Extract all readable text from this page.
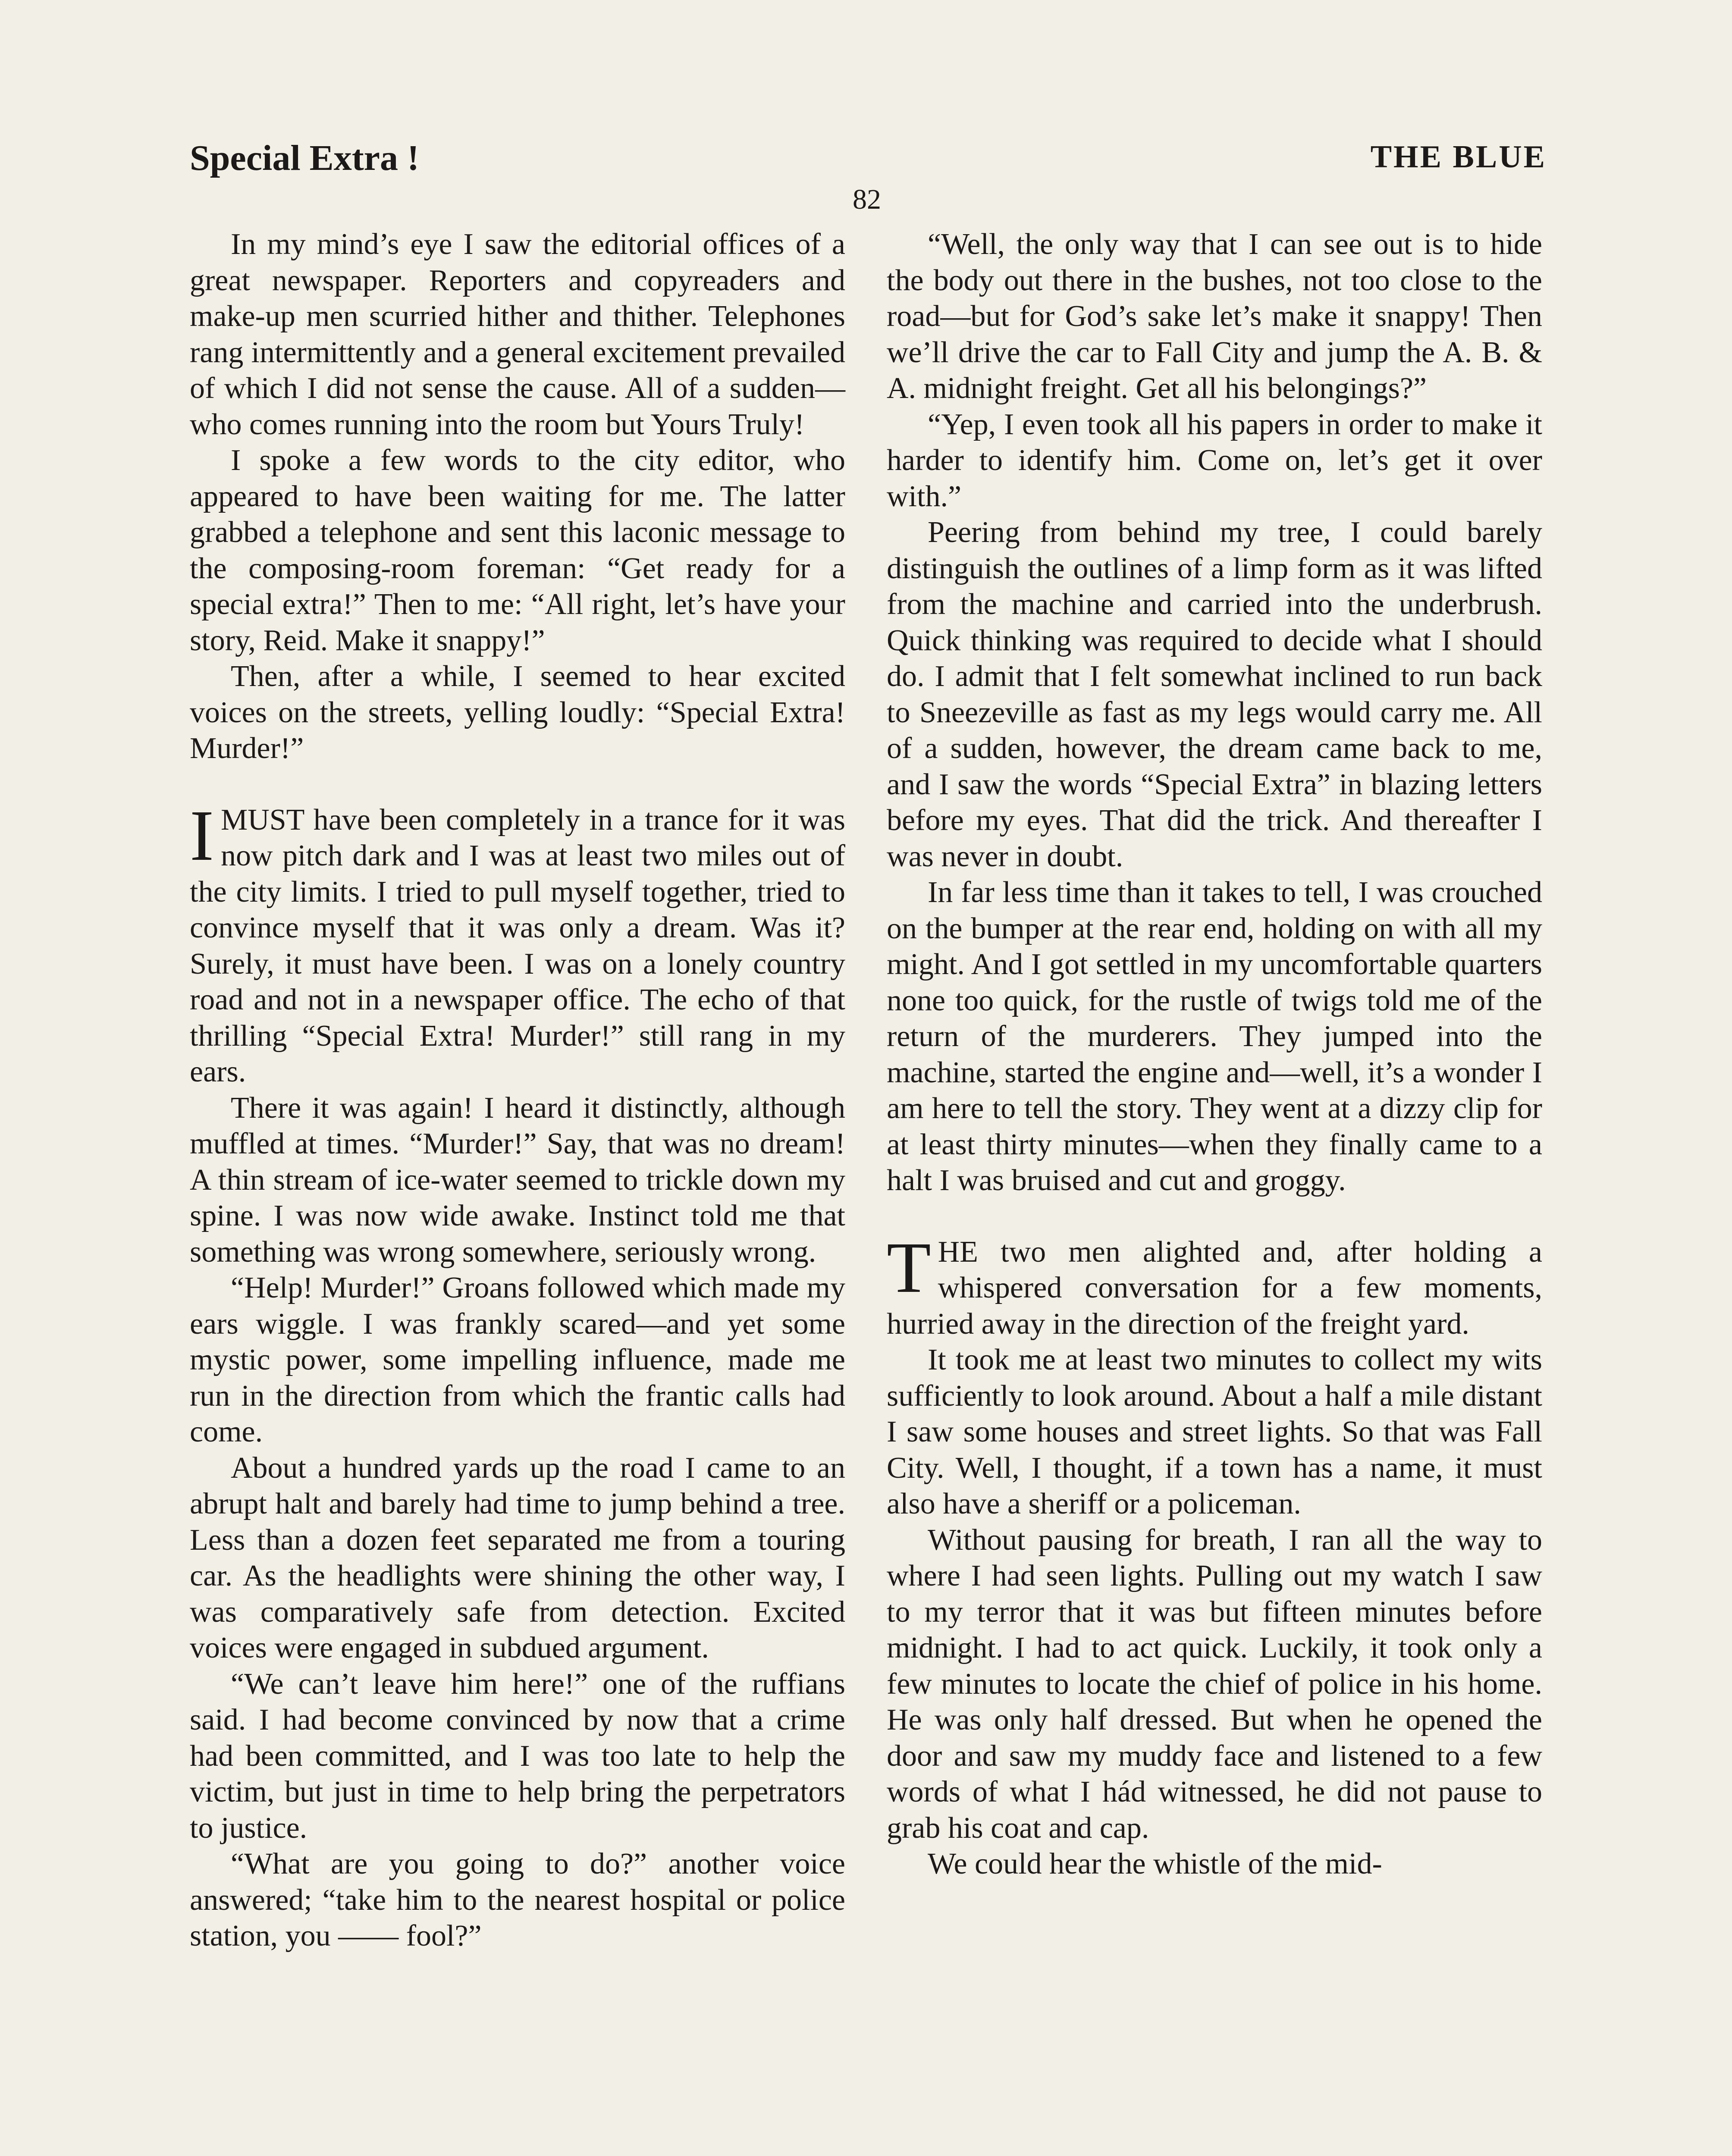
Special Extra !	THE BLUE
82

In my mind’s eye I saw the editorial offices of a great newspaper. Reporters and copyreaders and make-up men scurried hither and thither. Telephones rang intermittently and a general excitement prevailed of which I did not sense the cause. All of a sudden—who comes running into the room but Yours Truly!

I spoke a few words to the city editor, who appeared to have been waiting for me. The latter grabbed a telephone and sent this laconic message to the composing-room foreman: “Get ready for a special extra!” Then to me: “All right, let’s have your story, Reid. Make it snappy!”

Then, after a while, I seemed to hear excited voices on the streets, yelling loudly: “Special Extra! Murder!”

I MUST have been completely in a trance for it was now pitch dark and I was at least two miles out of the city limits. I tried to pull myself together, tried to convince myself that it was only a dream. Was it? Surely, it must have been. I was on a lonely country road and not in a newspaper office. The echo of that thrilling “Special Extra! Murder!” still rang in my ears.

There it was again! I heard it distinctly, although muffled at times. “Murder!” Say, that was no dream! A thin stream of ice-water seemed to trickle down my spine. I was now wide awake. Instinct told me that something was wrong somewhere, seriously wrong.

“Help! Murder!” Groans followed which made my ears wiggle. I was frankly scared—and yet some mystic power, some impelling influence, made me run in the direction from which the frantic calls had come.

About a hundred yards up the road I came to an abrupt halt and barely had time to jump behind a tree. Less than a dozen feet separated me from a touring car. As the headlights were shining the other way, I was comparatively safe from detection. Excited voices were engaged in subdued argument.

“We can’t leave him here!” one of the ruffians said. I had become convinced by now that a crime had been committed, and I was too late to help the victim, but just in time to help bring the perpetrators to justice.

“What are you going to do?” another voice answered; “take him to the nearest hospital or police station, you —— fool?”

“Well, the only way that I can see out is to hide the body out there in the bushes, not too close to the road—but for God’s sake let’s make it snappy! Then we’ll drive the car to Fall City and jump the A. B. & A. midnight freight. Get all his belongings?”

“Yep, I even took all his papers in order to make it harder to identify him. Come on, let’s get it over with.”

Peering from behind my tree, I could barely distinguish the outlines of a limp form as it was lifted from the machine and carried into the underbrush. Quick thinking was required to decide what I should do. I admit that I felt somewhat inclined to run back to Sneezeville as fast as my legs would carry me. All of a sudden, however, the dream came back to me, and I saw the words “Special Extra” in blazing letters before my eyes. That did the trick. And thereafter I was never in doubt.

In far less time than it takes to tell, I was crouched on the bumper at the rear end, holding on with all my might. And I got settled in my uncomfortable quarters none too quick, for the rustle of twigs told me of the return of the murderers. They jumped into the machine, started the engine and—well, it’s a wonder I am here to tell the story. They went at a dizzy clip for at least thirty minutes—when they finally came to a halt I was bruised and cut and groggy.

THE two men alighted and, after holding a whispered conversation for a few moments, hurried away in the direction of the freight yard.

It took me at least two minutes to collect my wits sufficiently to look around. About a half a mile distant I saw some houses and street lights. So that was Fall City. Well, I thought, if a town has a name, it must also have a sheriff or a policeman.

Without pausing for breath, I ran all the way to where I had seen lights. Pulling out my watch I saw to my terror that it was but fifteen minutes before midnight. I had to act quick. Luckily, it took only a few minutes to locate the chief of police in his home. He was only half dressed. But when he opened the door and saw my muddy face and listened to a few words of what I hád witnessed, he did not pause to grab his coat and cap.

We could hear the whistle of the mid-
